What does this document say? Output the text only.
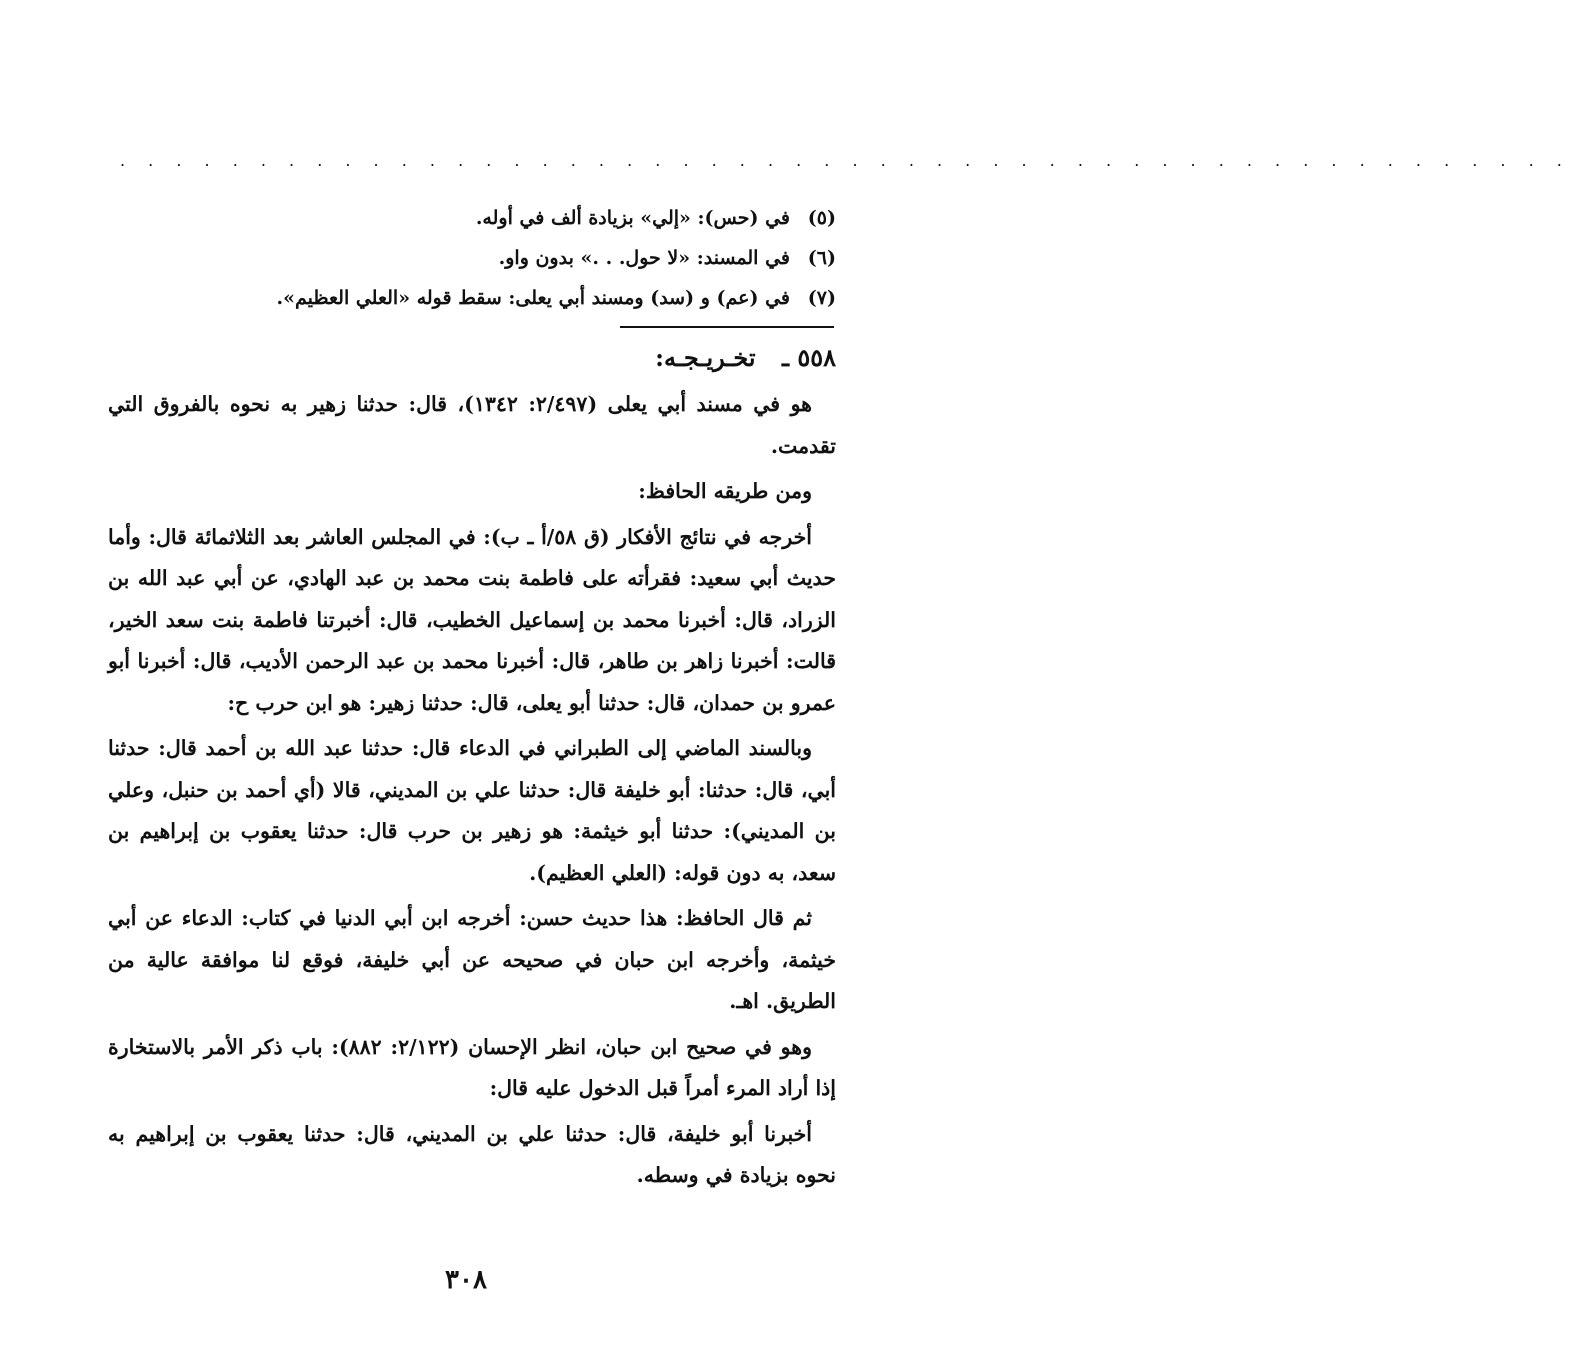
. . . . . . . . . . . . . . . . . . . . . . . . . . . . . . . . . . . . . . . . . . . . . . . . . . . .
(٥)
في (حس): «إلي» بزيادة ألف في أوله.
(٦)
في المسند: «لا حول. . .» بدون واو.
(٧)
في (عم) و (سد) ومسند أبي يعلى: سقط قوله «العلي العظيم».
٥٥٨ ـ تخـريـجـه:

هو في مسند أبي يعلى (٢/٤٩٧: ١٣٤٢)، قال: حدثنا زهير به نحوه بالفروق التي تقدمت.

ومن طريقه الحافظ:

أخرجه في نتائج الأفكار (ق ٥٨/أ ـ ب): في المجلس العاشر بعد الثلاثمائة قال: وأما حديث أبي سعيد: فقرأته على فاطمة بنت محمد بن عبد الهادي، عن أبي عبد الله بن الزراد، قال: أخبرنا محمد بن إسماعيل الخطيب، قال: أخبرتنا فاطمة بنت سعد الخير، قالت: أخبرنا زاهر بن طاهر، قال: أخبرنا محمد بن عبد الرحمن الأديب، قال: أخبرنا أبو عمرو بن حمدان، قال: حدثنا أبو يعلى، قال: حدثنا زهير: هو ابن حرب ح:

وبالسند الماضي إلى الطبراني في الدعاء قال: حدثنا عبد الله بن أحمد قال: حدثنا أبي، قال: حدثنا: أبو خليفة قال: حدثنا علي بن المديني، قالا (أي أحمد بن حنبل، وعلي بن المديني): حدثنا أبو خيثمة: هو زهير بن حرب قال: حدثنا يعقوب بن إبراهيم بن سعد، به دون قوله: (العلي العظيم).

ثم قال الحافظ: هذا حديث حسن: أخرجه ابن أبي الدنيا في كتاب: الدعاء عن أبي خيثمة، وأخرجه ابن حبان في صحيحه عن أبي خليفة، فوقع لنا موافقة عالية من الطريق. اهـ.

وهو في صحيح ابن حبان، انظر الإحسان (٢/١٢٢: ٨٨٢): باب ذكر الأمر بالاستخارة إذا أراد المرء أمراً قبل الدخول عليه قال:

أخبرنا أبو خليفة، قال: حدثنا علي بن المديني، قال: حدثنا يعقوب بن إبراهيم به نحوه بزيادة في وسطه.

٣٠٨
